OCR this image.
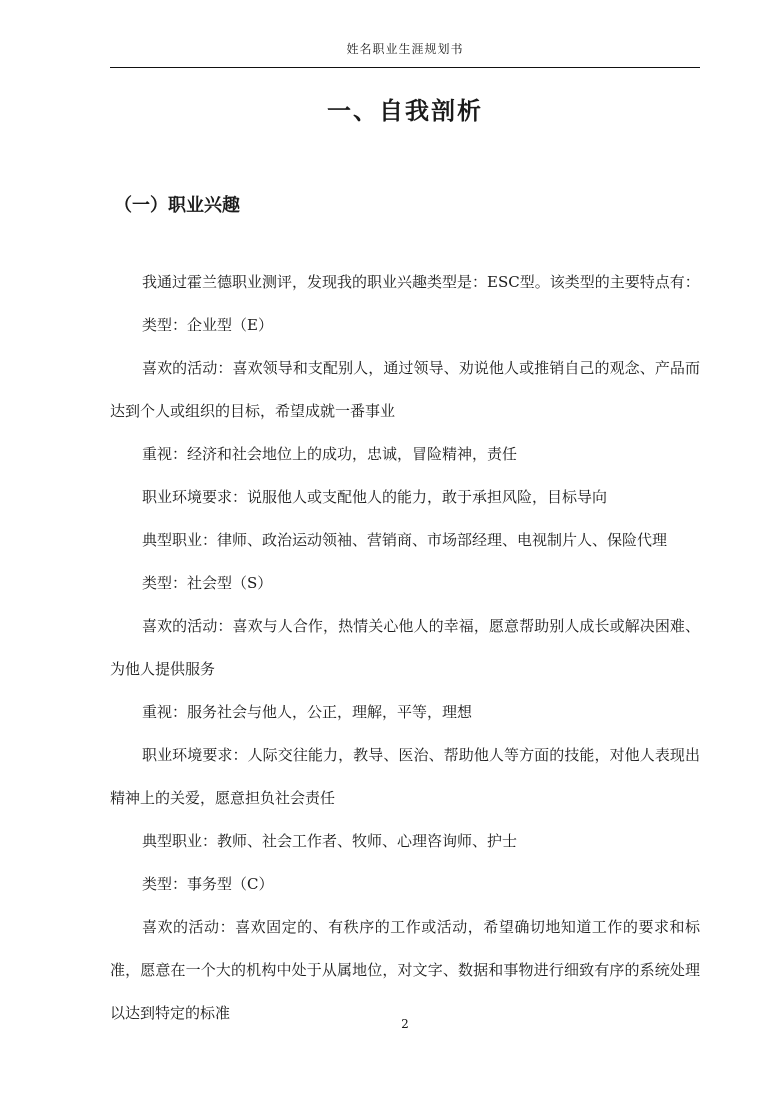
姓名职业生涯规划书
一、自我剖析
（一）职业兴趣

我通过霍兰德职业测评，发现我的职业兴趣类型是：ESC型。该类型的主要特点有：

类型：企业型（E）

喜欢的活动：喜欢领导和支配别人，通过领导、劝说他人或推销自己的观念、产品而达到个人或组织的目标，希望成就一番事业

重视：经济和社会地位上的成功，忠诚，冒险精神，责任

职业环境要求：说服他人或支配他人的能力，敢于承担风险，目标导向

典型职业：律师、政治运动领袖、营销商、市场部经理、电视制片人、保险代理

类型：社会型（S）

喜欢的活动：喜欢与人合作，热情关心他人的幸福，愿意帮助别人成长或解决困难、为他人提供服务

重视：服务社会与他人，公正，理解，平等，理想

职业环境要求：人际交往能力，教导、医治、帮助他人等方面的技能，对他人表现出精神上的关爱，愿意担负社会责任

典型职业：教师、社会工作者、牧师、心理咨询师、护士

类型：事务型（C）

喜欢的活动：喜欢固定的、有秩序的工作或活动，希望确切地知道工作的要求和标准，愿意在一个大的机构中处于从属地位，对文字、数据和事物进行细致有序的系统处理以达到特定的标准

2
